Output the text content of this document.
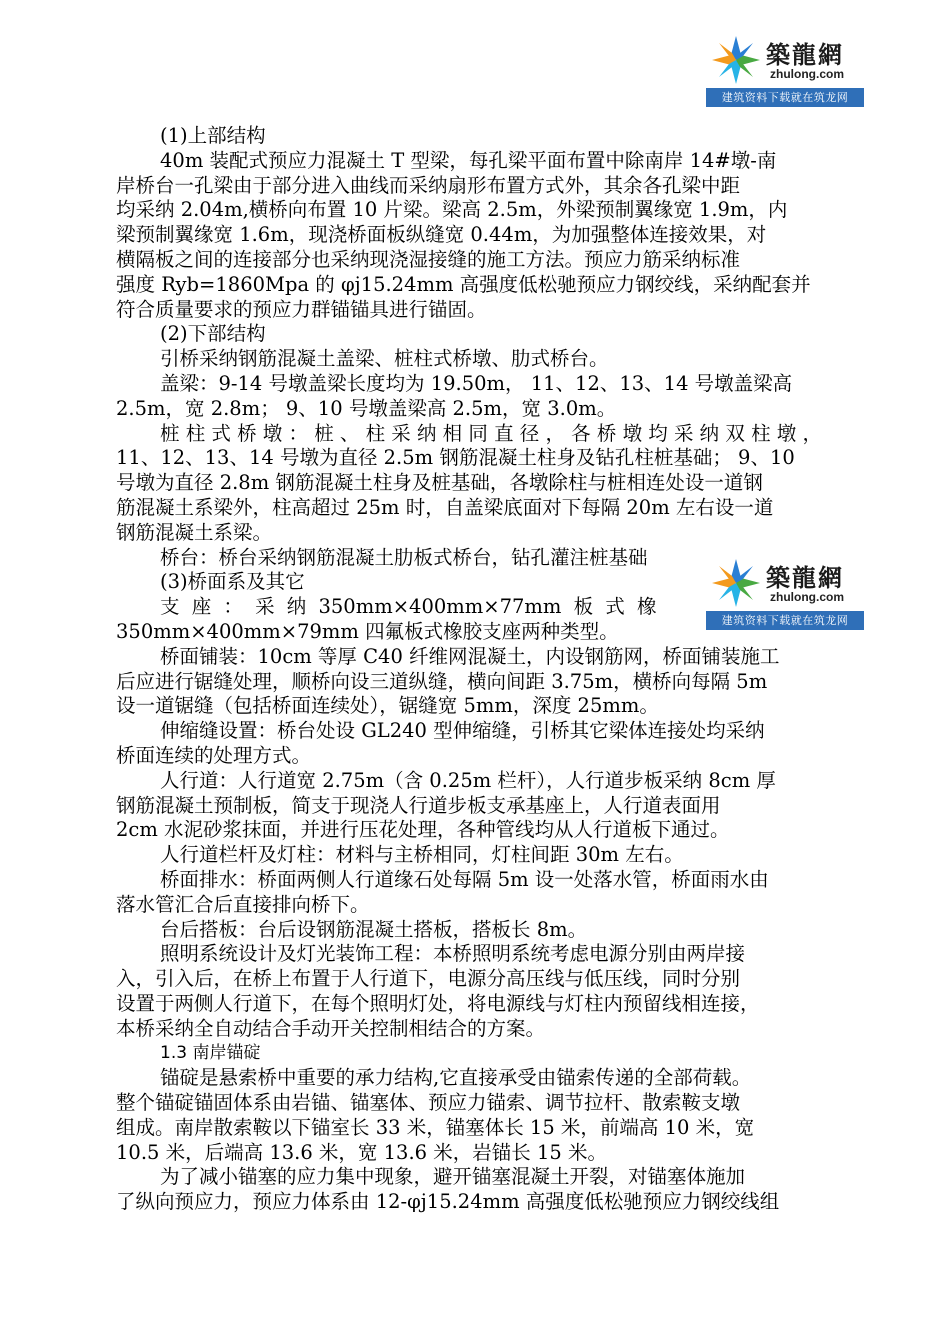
築龍網
zhulong.com
建筑资料下载就在筑龙网
築龍網
zhulong.com
建筑资料下载就在筑龙网
(1)上部结构
40m 装配式预应力混凝土 T 型梁，每孔梁平面布置中除南岸 14#墩-南
岸桥台一孔梁由于部分进入曲线而采纳扇形布置方式外，其余各孔梁中距
均采纳 2.04m,横桥向布置 10 片梁。梁高 2.5m，外梁预制翼缘宽 1.9m，内
梁预制翼缘宽 1.6m，现浇桥面板纵缝宽 0.44m，为加强整体连接效果，对
横隔板之间的连接部分也采纳现浇湿接缝的施工方法。预应力筋采纳标准
强度 Ryb=1860Mpa 的 φj15.24mm 高强度低松驰预应力钢绞线，采纳配套并
符合质量要求的预应力群锚锚具进行锚固。
(2)下部结构
引桥采纳钢筋混凝土盖梁、桩柱式桥墩、肋式桥台。
盖梁：9-14 号墩盖梁长度均为 19.50m， 11、12、13、14 号墩盖梁高
2.5m，宽 2.8m； 9、10 号墩盖梁高 2.5m，宽 3.0m。
桩 柱 式 桥 墩 ： 桩 、 柱 采 纳 相 同 直 径 ， 各 桥 墩 均 采 纳 双 柱 墩 ，
11、12、13、14 号墩为直径 2.5m 钢筋混凝土柱身及钻孔柱桩基础； 9、10
号墩为直径 2.8m 钢筋混凝土柱身及桩基础，各墩除柱与桩相连处设一道钢
筋混凝土系梁外，柱高超过 25m 时，自盖梁底面对下每隔 20m 左右设一道
钢筋混凝土系梁。
桥台：桥台采纳钢筋混凝土肋板式桥台，钻孔灌注桩基础
(3)桥面系及其它
支 座 ： 采 纳 350mm×400mm×77mm 板 式 橡
350mm×400mm×79mm 四氟板式橡胶支座两种类型。
桥面铺装：10cm 等厚 C40 纤维网混凝土，内设钢筋网，桥面铺装施工
后应进行锯缝处理，顺桥向设三道纵缝，横向间距 3.75m，横桥向每隔 5m
设一道锯缝（包括桥面连续处），锯缝宽 5mm，深度 25mm。
伸缩缝设置：桥台处设 GL240 型伸缩缝，引桥其它梁体连接处均采纳
桥面连续的处理方式。
人行道：人行道宽 2.75m（含 0.25m 栏杆），人行道步板采纳 8cm 厚
钢筋混凝土预制板，简支于现浇人行道步板支承基座上，人行道表面用
2cm 水泥砂浆抹面，并进行压花处理，各种管线均从人行道板下通过。
人行道栏杆及灯柱：材料与主桥相同，灯柱间距 30m 左右。
桥面排水：桥面两侧人行道缘石处每隔 5m 设一处落水管，桥面雨水由
落水管汇合后直接排向桥下。
台后搭板：台后设钢筋混凝土搭板，搭板长 8m。
照明系统设计及灯光装饰工程：本桥照明系统考虑电源分别由两岸接
入，引入后，在桥上布置于人行道下，电源分高压线与低压线，同时分别
设置于两侧人行道下，在每个照明灯处，将电源线与灯柱内预留线相连接，
本桥采纳全自动结合手动开关控制相结合的方案。
1.3 南岸锚碇
锚碇是悬索桥中重要的承力结构,它直接承受由锚索传递的全部荷载。
整个锚碇锚固体系由岩锚、锚塞体、预应力锚索、调节拉杆、散索鞍支墩
组成。南岸散索鞍以下锚室长 33 米，锚塞体长 15 米，前端高 10 米，宽
10.5 米，后端高 13.6 米，宽 13.6 米，岩锚长 15 米。
为了减小锚塞的应力集中现象，避开锚塞混凝土开裂，对锚塞体施加
了纵向预应力，预应力体系由 12-φj15.24mm 高强度低松驰预应力钢绞线组
